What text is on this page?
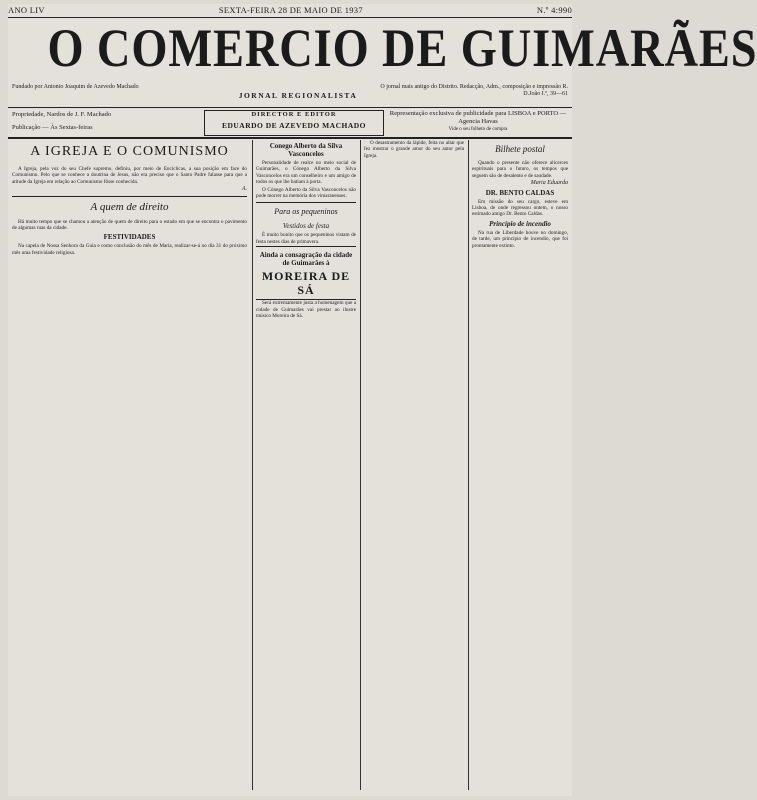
ANO LIV	SEXTA-FEIRA 28 DE MAIO DE 1937	N.º 4:990
O COMERCIO DE GUIMARÃES
Fundado por Antonio Joaquim de Azevedo Machado
JORNAL REGIONALISTA
O jornal mais antigo do Distrito. Redacção, Adm., composição e impressão R. D.João I.º, 39—61
Propriedade, Nardos de J. F. Machado
Publicação — Às Sextas-feiras
DIRECTOR E EDITOR
EDUARDO DE AZEVEDO MACHADO
Representação exclusiva de publicidade para LISBOA e PORTO — Agencia Havas
Vide o seu folheto de compra
A IGREJA E O COMUNISMO

A Igreja, pela voz do seu Chefe supremo, definiu, por meio de Encíclicas, a sua posição em face do Comunismo. Pelo que se conhece a doutrina de Jesus, não era preciso que o Santo Padre falasse para que a atitude da Igreja em relação ao Comunismo fôsse conhecida.

A.
A quem de direito

Há muito tempo que se chamou a atenção de quem de direito para o estado em que se encontra o pavimento de algumas ruas da cidade.

FESTIVIDADES

Na capela de Nossa Senhora da Guia e como conclusão do mês de Maria, realizar-se-á no dia 31 do próximo mês uma festividade religiosa.

Conego Alberto da Silva Vasconcelos

Personalidade de realce no meio social de Guimarães, o Cónego Alberto da Silva Vasconcelos era um conselheiro e um amigo de todos os que lhe batiam à porta.

O Cónego Alberto da Silva Vasconcelos não pode morrer na memória dos vimaranenses.

Para os pequeninos
Vestidos de festa

É muito bonito que os pequeninos vistam de festa nestes dias de primavera.

Ainda a consagração da cidade de Guimarães à
MOREIRA DE SÁ

Será extremamente justa a homenagem que a cidade de Guimarães vai prestar ao ilustre músico Moreira de Sá.

O desastramento da lápide, feita no altar que fez mostrar o grande amor do seu autor pela Igreja.

Bilhete postal

Quando o presente não oferece alicerces espirituais para o futuro, os tempos que seguem são de desalento e de saudade.

Maria Eduarda
DR. BENTO CALDAS

Em missão do seu cargo, esteve em Lisboa, de onde regressou ontem, o nosso estimado amigo Dr. Bento Caldas.

Princípio de incendio

Na rua de Liberdade houve no domingo, de tarde, um princípio de incendio, que foi prontamente extinto.
